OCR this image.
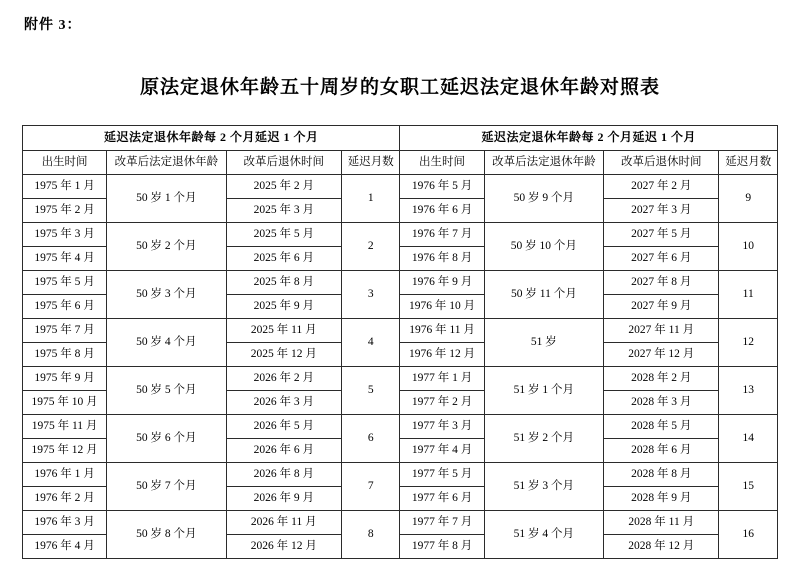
附件 3：
原法定退休年龄五十周岁的女职工延迟法定退休年龄对照表
延迟法定退休年龄每 2 个月延迟 1 个月				延迟法定退休年龄每 2 个月延迟 1 个月			
出生时间	改革后法定退休年龄	改革后退休时间	延迟月数	出生时间	改革后法定退休年龄	改革后退休时间	延迟月数
1975 年 1 月	50 岁 1 个月	2025 年 2 月	1	1976 年 5 月	50 岁 9 个月	2027 年 2 月	9
1975 年 2 月		2025 年 3 月		1976 年 6 月		2027 年 3 月	
1975 年 3 月	50 岁 2 个月	2025 年 5 月	2	1976 年 7 月	50 岁 10 个月	2027 年 5 月	10
1975 年 4 月		2025 年 6 月		1976 年 8 月		2027 年 6 月	
1975 年 5 月	50 岁 3 个月	2025 年 8 月	3	1976 年 9 月	50 岁 11 个月	2027 年 8 月	11
1975 年 6 月		2025 年 9 月		1976 年 10 月		2027 年 9 月	
1975 年 7 月	50 岁 4 个月	2025 年 11 月	4	1976 年 11 月	51 岁	2027 年 11 月	12
1975 年 8 月		2025 年 12 月		1976 年 12 月		2027 年 12 月	
1975 年 9 月	50 岁 5 个月	2026 年 2 月	5	1977 年 1 月	51 岁 1 个月	2028 年 2 月	13
1975 年 10 月		2026 年 3 月		1977 年 2 月		2028 年 3 月	
1975 年 11 月	50 岁 6 个月	2026 年 5 月	6	1977 年 3 月	51 岁 2 个月	2028 年 5 月	14
1975 年 12 月		2026 年 6 月		1977 年 4 月		2028 年 6 月	
1976 年 1 月	50 岁 7 个月	2026 年 8 月	7	1977 年 5 月	51 岁 3 个月	2028 年 8 月	15
1976 年 2 月		2026 年 9 月		1977 年 6 月		2028 年 9 月	
1976 年 3 月	50 岁 8 个月	2026 年 11 月	8	1977 年 7 月	51 岁 4 个月	2028 年 11 月	16
1976 年 4 月		2026 年 12 月		1977 年 8 月		2028 年 12 月	
